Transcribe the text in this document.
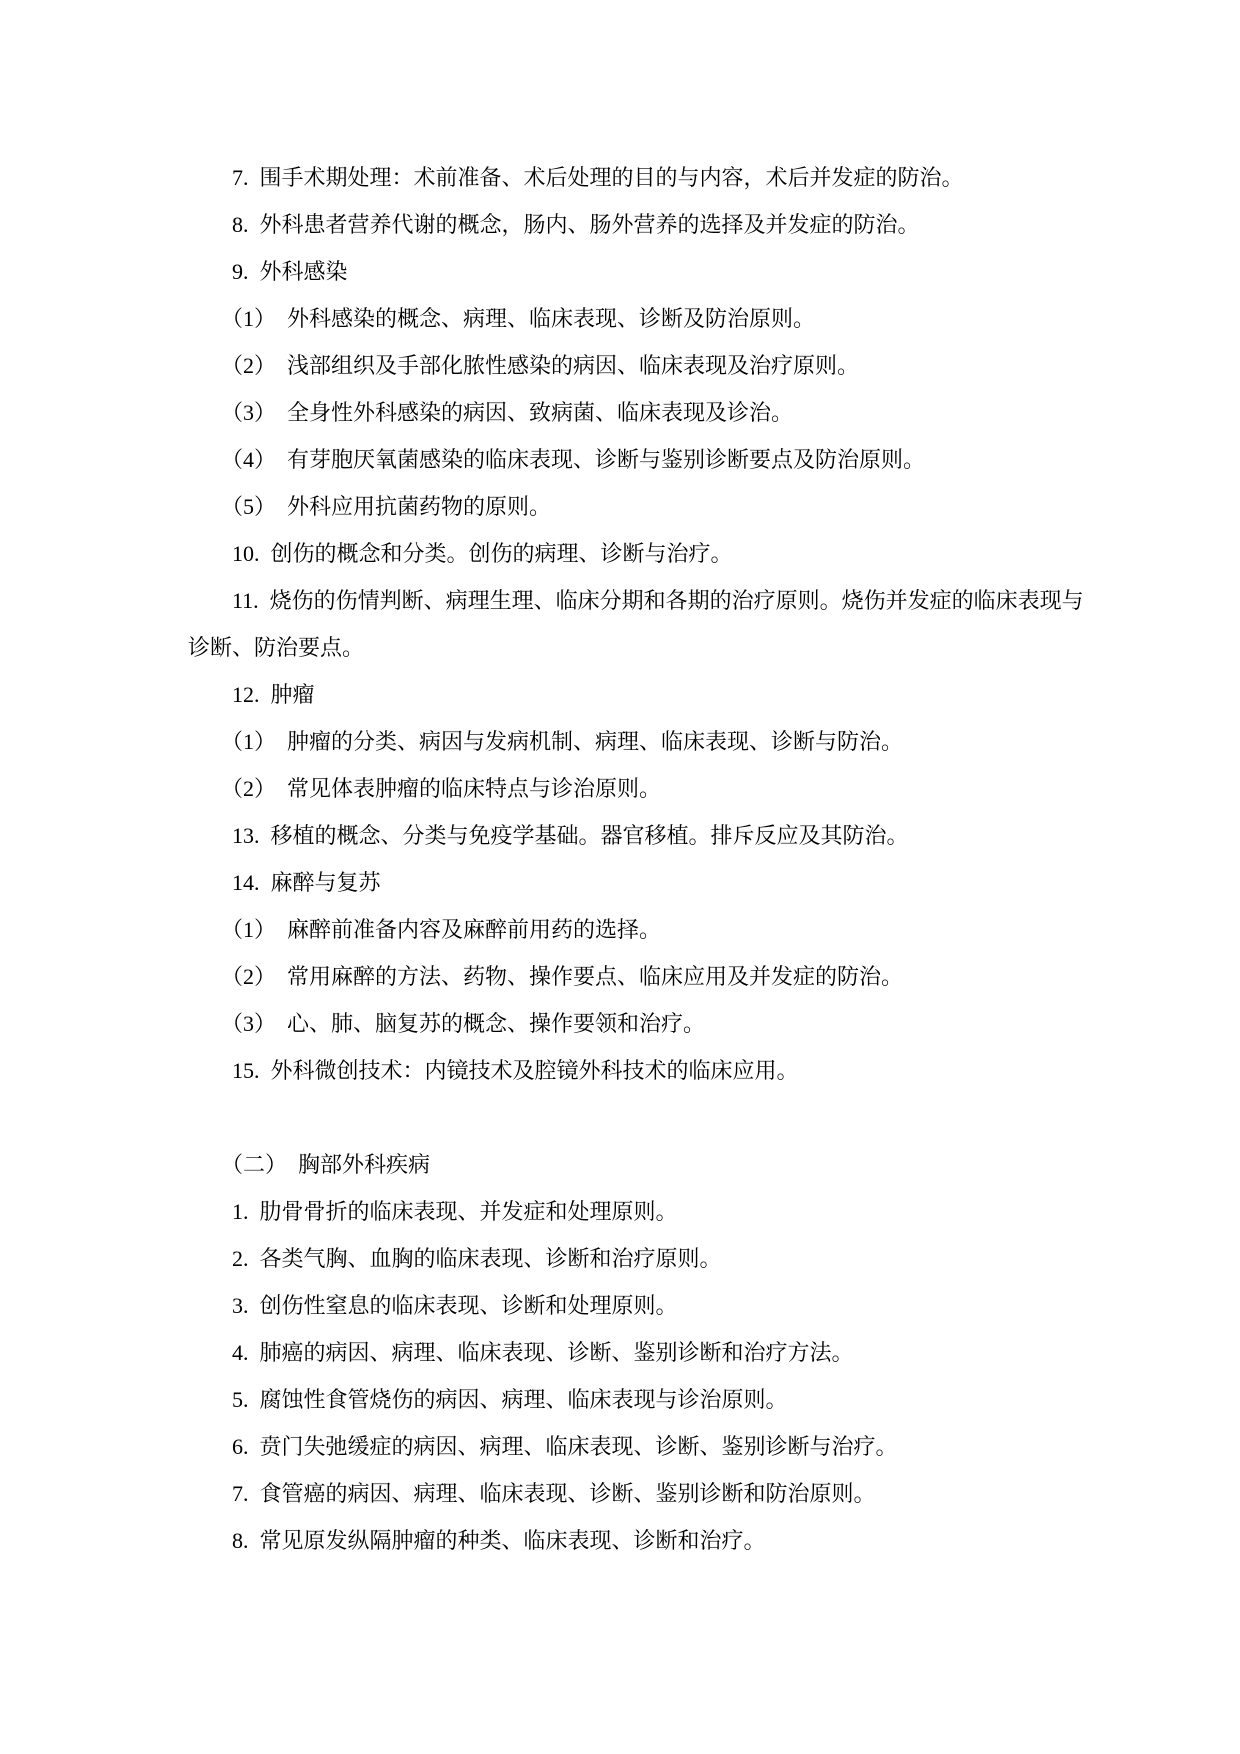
7.  围手术期处理：术前准备、术后处理的目的与内容，术后并发症的防治。

8.  外科患者营养代谢的概念，肠内、肠外营养的选择及并发症的防治。

9.  外科感染

（1）　外科感染的概念、病理、临床表现、诊断及防治原则。

（2）　浅部组织及手部化脓性感染的病因、临床表现及治疗原则。

（3）　全身性外科感染的病因、致病菌、临床表现及诊治。

（4）　有芽胞厌氧菌感染的临床表现、诊断与鉴别诊断要点及防治原则。

（5）　外科应用抗菌药物的原则。

10.  创伤的概念和分类。创伤的病理、诊断与治疗。

11.  烧伤的伤情判断、病理生理、临床分期和各期的治疗原则。烧伤并发症的临床表现与诊断、防治要点。

12.  肿瘤

（1）　肿瘤的分类、病因与发病机制、病理、临床表现、诊断与防治。

（2）　常见体表肿瘤的临床特点与诊治原则。

13.  移植的概念、分类与免疫学基础。器官移植。排斥反应及其防治。

14.  麻醉与复苏

（1）　麻醉前准备内容及麻醉前用药的选择。

（2）　常用麻醉的方法、药物、操作要点、临床应用及并发症的防治。

（3）　心、肺、脑复苏的概念、操作要领和治疗。

15.  外科微创技术：内镜技术及腔镜外科技术的临床应用。

（二）　胸部外科疾病

1.  肋骨骨折的临床表现、并发症和处理原则。

2.  各类气胸、血胸的临床表现、诊断和治疗原则。

3.  创伤性窒息的临床表现、诊断和处理原则。

4.  肺癌的病因、病理、临床表现、诊断、鉴别诊断和治疗方法。

5.  腐蚀性食管烧伤的病因、病理、临床表现与诊治原则。

6.  贲门失弛缓症的病因、病理、临床表现、诊断、鉴别诊断与治疗。

7.  食管癌的病因、病理、临床表现、诊断、鉴别诊断和防治原则。

8.  常见原发纵隔肿瘤的种类、临床表现、诊断和治疗。
